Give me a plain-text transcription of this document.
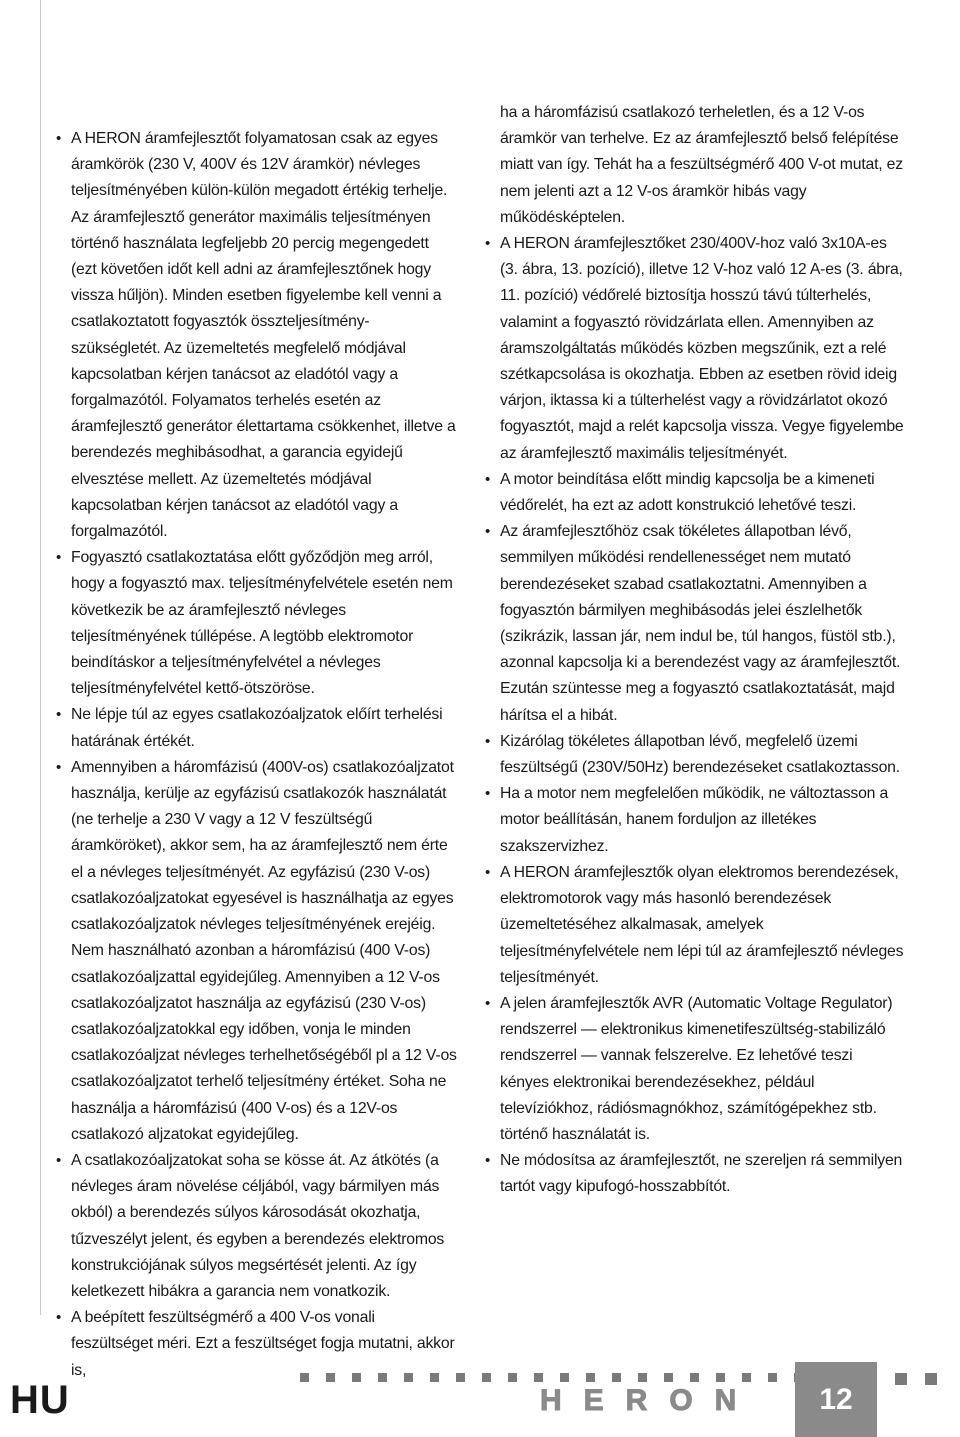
• A HERON áramfejlesztőt folyamatosan csak az egyes áramkörök (230 V, 400V és 12V áramkör) névleges teljesítményében külön-külön megadott értékig terhelje. Az áramfejlesztő generátor maximális teljesítményen történő használata legfeljebb 20 percig megengedett (ezt követően időt kell adni az áramfejlesztőnek hogy vissza hűljön). Minden esetben figyelembe kell venni a csatlakoztatott fogyasztók összteljesítmény-szükségletét. Az üzemeltetés megfelelő módjával kapcsolatban kérjen tanácsot az eladótól vagy a forgalmazótól. Folyamatos terhelés esetén az áramfejlesztő generátor élettartama csökkenhet, illetve a berendezés meghibásodhat, a garancia egyidejű elvesztése mellett. Az üzemeltetés módjával kapcsolatban kérjen tanácsot az eladótól vagy a forgalmazótól.

• Fogyasztó csatlakoztatása előtt győződjön meg arról, hogy a fogyasztó max. teljesítményfelvétele esetén nem következik be az áramfejlesztő névleges teljesítményének túllépése. A legtöbb elektromotor beindításkor a teljesítményfelvétel a névleges teljesítményfelvétel kettő-ötszöröse.

• Ne lépje túl az egyes csatlakozóaljzatok előírt terhelési határának értékét.

• Amennyiben a háromfázisú (400V-os) csatlakozóaljzatot használja, kerülje az egyfázisú csatlakozók használatát (ne terhelje a 230 V vagy a 12 V feszültségű áramköröket), akkor sem, ha az áramfejlesztő nem érte el a névleges teljesítményét. Az egyfázisú (230 V-os) csatlakozóaljzatokat egyesével is használhatja az egyes csatlakozóaljzatok névleges teljesítményének erejéig. Nem használható azonban a háromfázisú (400 V-os) csatlakozóaljzattal egyidejűleg. Amennyiben a 12 V-os csatlakozóaljzatot használja az egyfázisú (230 V-os) csatlakozóaljzatokkal egy időben, vonja le minden csatlakozóaljzat névleges terhelhetőségéből pl a 12 V-os csatlakozóaljzatot terhelő teljesítmény értéket. Soha ne használja a háromfázisú (400 V-os) és a 12V-os csatlakozó aljzatokat egyidejűleg.

• A csatlakozóaljzatokat soha se kösse át. Az átkötés (a névleges áram növelése céljából, vagy bármilyen más okból) a berendezés súlyos károsodását okozhatja, tűzveszélyt jelent, és egyben a berendezés elektromos konstrukciójának súlyos megsértését jelenti. Az így keletkezett hibákra a garancia nem vonatkozik.

• A beépített feszültségmérő a 400 V-os vonali feszültséget méri. Ezt a feszültséget fogja mutatni, akkor is,

ha a háromfázisú csatlakozó terheletlen, és a 12 V-os áramkör van terhelve. Ez az áramfejlesztő belső felépítése miatt van így. Tehát ha a feszültségmérő 400 V-ot mutat, ez nem jelenti azt a 12 V-os áramkör hibás vagy működésképtelen.

• A HERON áramfejlesztőket 230/400V-hoz való 3x10A-es (3. ábra, 13. pozíció), illetve 12 V-hoz való 12 A-es (3. ábra, 11. pozíció) védőrelé biztosítja hosszú távú túlterhelés, valamint a fogyasztó rövidzárlata ellen. Amennyiben az áramszolgáltatás működés közben megszűnik, ezt a relé szétkapcsolása is okozhatja. Ebben az esetben rövid ideig várjon, iktassa ki a túlterhelést vagy a rövidzárlatot okozó fogyasztót, majd a relét kapcsolja vissza. Vegye figyelembe az áramfejlesztő maximális teljesítményét.

• A motor beindítása előtt mindig kapcsolja be a kimeneti védőrelét, ha ezt az adott konstrukció lehetővé teszi.

• Az áramfejlesztőhöz csak tökéletes állapotban lévő, semmilyen működési rendellenességet nem mutató berendezéseket szabad csatlakoztatni. Amennyiben a fogyasztón bármilyen meghibásodás jelei észlelhetők (szikrázik, lassan jár, nem indul be, túl hangos, füstöl stb.), azonnal kapcsolja ki a berendezést vagy az áramfejlesztőt. Ezután szüntesse meg a fogyasztó csatlakoztatását, majd hárítsa el a hibát.

• Kizárólag tökéletes állapotban lévő, megfelelő üzemi feszültségű (230V/50Hz) berendezéseket csatlakoztasson.

• Ha a motor nem megfelelően működik, ne változtasson a motor beállításán, hanem forduljon az illetékes szakszervizhez.

• A HERON áramfejlesztők olyan elektromos berendezések, elektromotorok vagy más hasonló berendezések üzemeltetéséhez alkalmasak, amelyek teljesítményfelvétele nem lépi túl az áramfejlesztő névleges teljesítményét.

• A jelen áramfejlesztők AVR (Automatic Voltage Regulator) rendszerrel — elektronikus kimenetifeszültség-stabilizáló rendszerrel — vannak felszerelve. Ez lehetővé teszi kényes elektronikai berendezésekhez, például televíziókhoz, rádiósmagnókhoz, számítógépekhez stb. történő használatát is.

• Ne módosítsa az áramfejlesztőt, ne szereljen rá semmilyen tartót vagy kipufogó-hosszabbítót.

HU	HERON 12
